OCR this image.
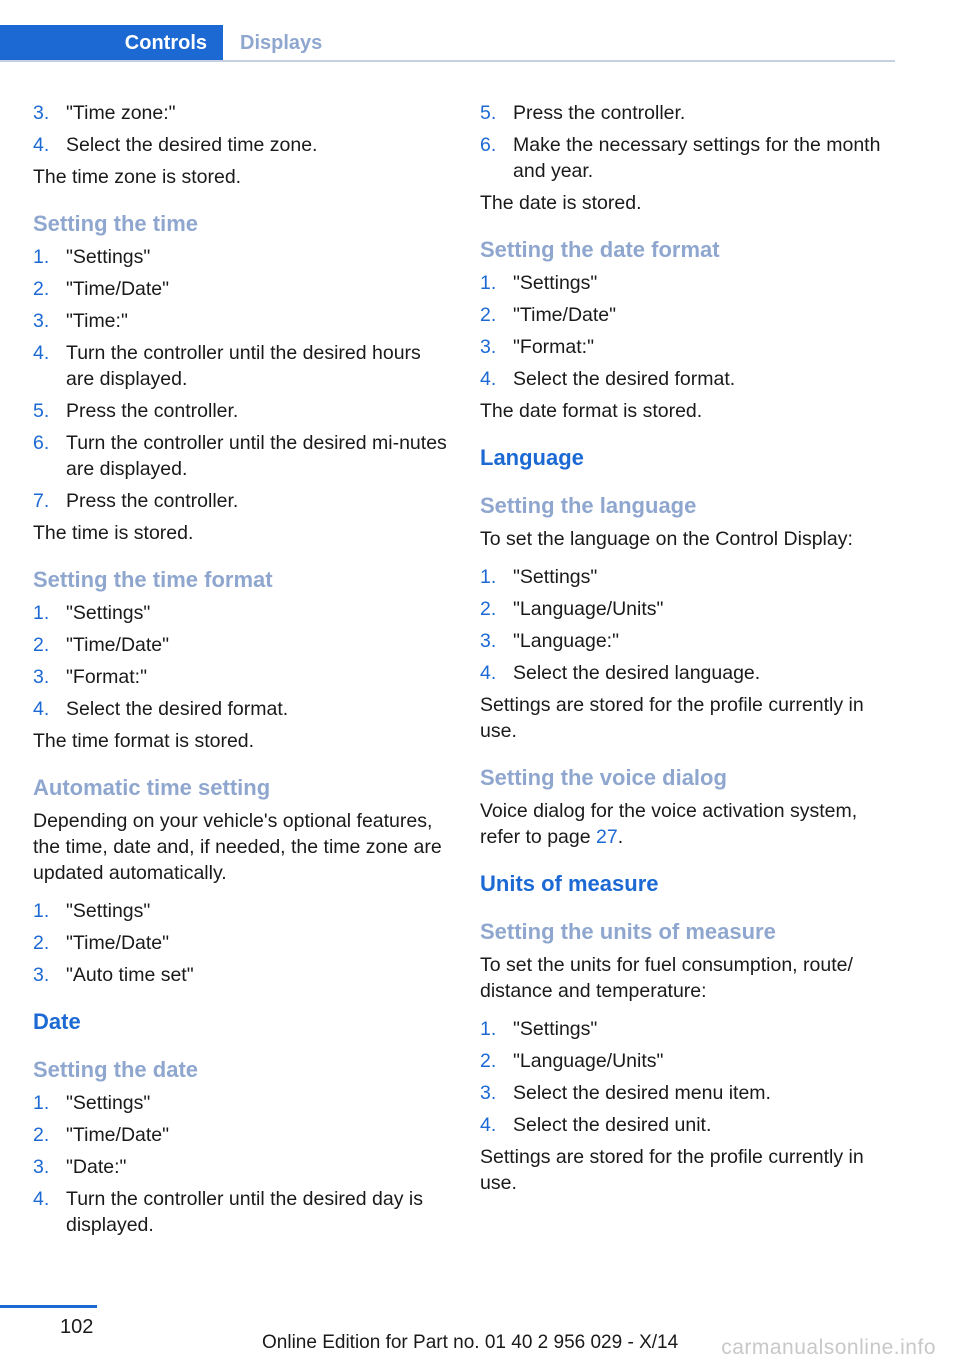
Controls	Displays
3. "Time zone:"
4. Select the desired time zone.

The time zone is stored.

Setting the time
1. "Settings"
2. "Time/Date"
3. "Time:"
4. Turn the controller until the desired hours are displayed.
5. Press the controller.
6. Turn the controller until the desired mi-nutes are displayed.
7. Press the controller.

The time is stored.

Setting the time format
1. "Settings"
2. "Time/Date"
3. "Format:"
4. Select the desired format.

The time format is stored.

Automatic time setting

Depending on your vehicle's optional features, the time, date and, if needed, the time zone are updated automatically.

1. "Settings"
2. "Time/Date"
3. "Auto time set"
Date
Setting the date
1. "Settings"
2. "Time/Date"
3. "Date:"
4. Turn the controller until the desired day is displayed.
5. Press the controller.
6. Make the necessary settings for the month and year.

The date is stored.

Setting the date format
1. "Settings"
2. "Time/Date"
3. "Format:"
4. Select the desired format.

The date format is stored.

Language
Setting the language

To set the language on the Control Display:

1. "Settings"
2. "Language/Units"
3. "Language:"
4. Select the desired language.

Settings are stored for the profile currently in use.

Setting the voice dialog

Voice dialog for the voice activation system, refer to page 27.

Units of measure
Setting the units of measure

To set the units for fuel consumption, route/ distance and temperature:

1. "Settings"
2. "Language/Units"
3. Select the desired menu item.
4. Select the desired unit.

Settings are stored for the profile currently in use.

102
Online Edition for Part no. 01 40 2 956 029 - X/14 carmanualsonline.info
